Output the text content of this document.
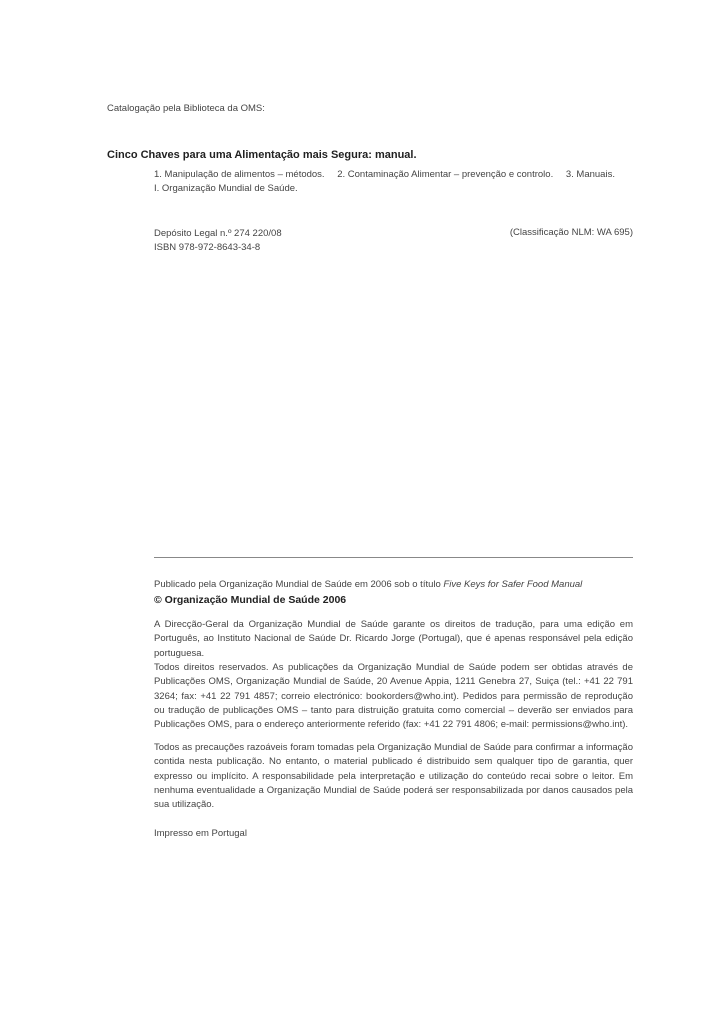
Catalogação pela Biblioteca da OMS:
Cinco Chaves para uma Alimentação mais Segura: manual.
1. Manipulação de alimentos – métodos. 2. Contaminação Alimentar – prevenção e controlo. 3. Manuais.
I. Organização Mundial de Saúde.
Depósito Legal n.º 274 220/08
ISBN 978-972-8643-34-8
(Classificação NLM: WA 695)
Publicado pela Organização Mundial de Saúde em 2006 sob o título Five Keys for Safer Food Manual
© Organização Mundial de Saúde 2006
A Direcção-Geral da Organização Mundial de Saúde garante os direitos de tradução, para uma edição em Português, ao Instituto Nacional de Saúde Dr. Ricardo Jorge (Portugal), que é apenas responsável pela edição portuguesa.
Todos direitos reservados. As publicações da Organização Mundial de Saúde podem ser obtidas através de Publicações OMS, Organização Mundial de Saúde, 20 Avenue Appia, 1211 Genebra 27, Suiça (tel.: +41 22 791 3264; fax: +41 22 791 4857; correio electrónico: bookorders@who.int). Pedidos para permissão de reprodução ou tradução de publicações OMS – tanto para distruição gratuita como comercial – deverão ser enviados para Publicações OMS, para o endereço anteriormente referido (fax: +41 22 791 4806; e-mail: permissions@who.int).
Todos as precauções razoáveis foram tomadas pela Organização Mundial de Saúde para confirmar a informação contida nesta publicação. No entanto, o material publicado é distribuido sem qualquer tipo de garantia, quer expresso ou implícito. A responsabilidade pela interpretação e utilização do conteúdo recai sobre o leitor. Em nenhuma eventualidade a Organização Mundial de Saúde poderá ser responsabilizada por danos causados pela sua utilização.
Impresso em Portugal
